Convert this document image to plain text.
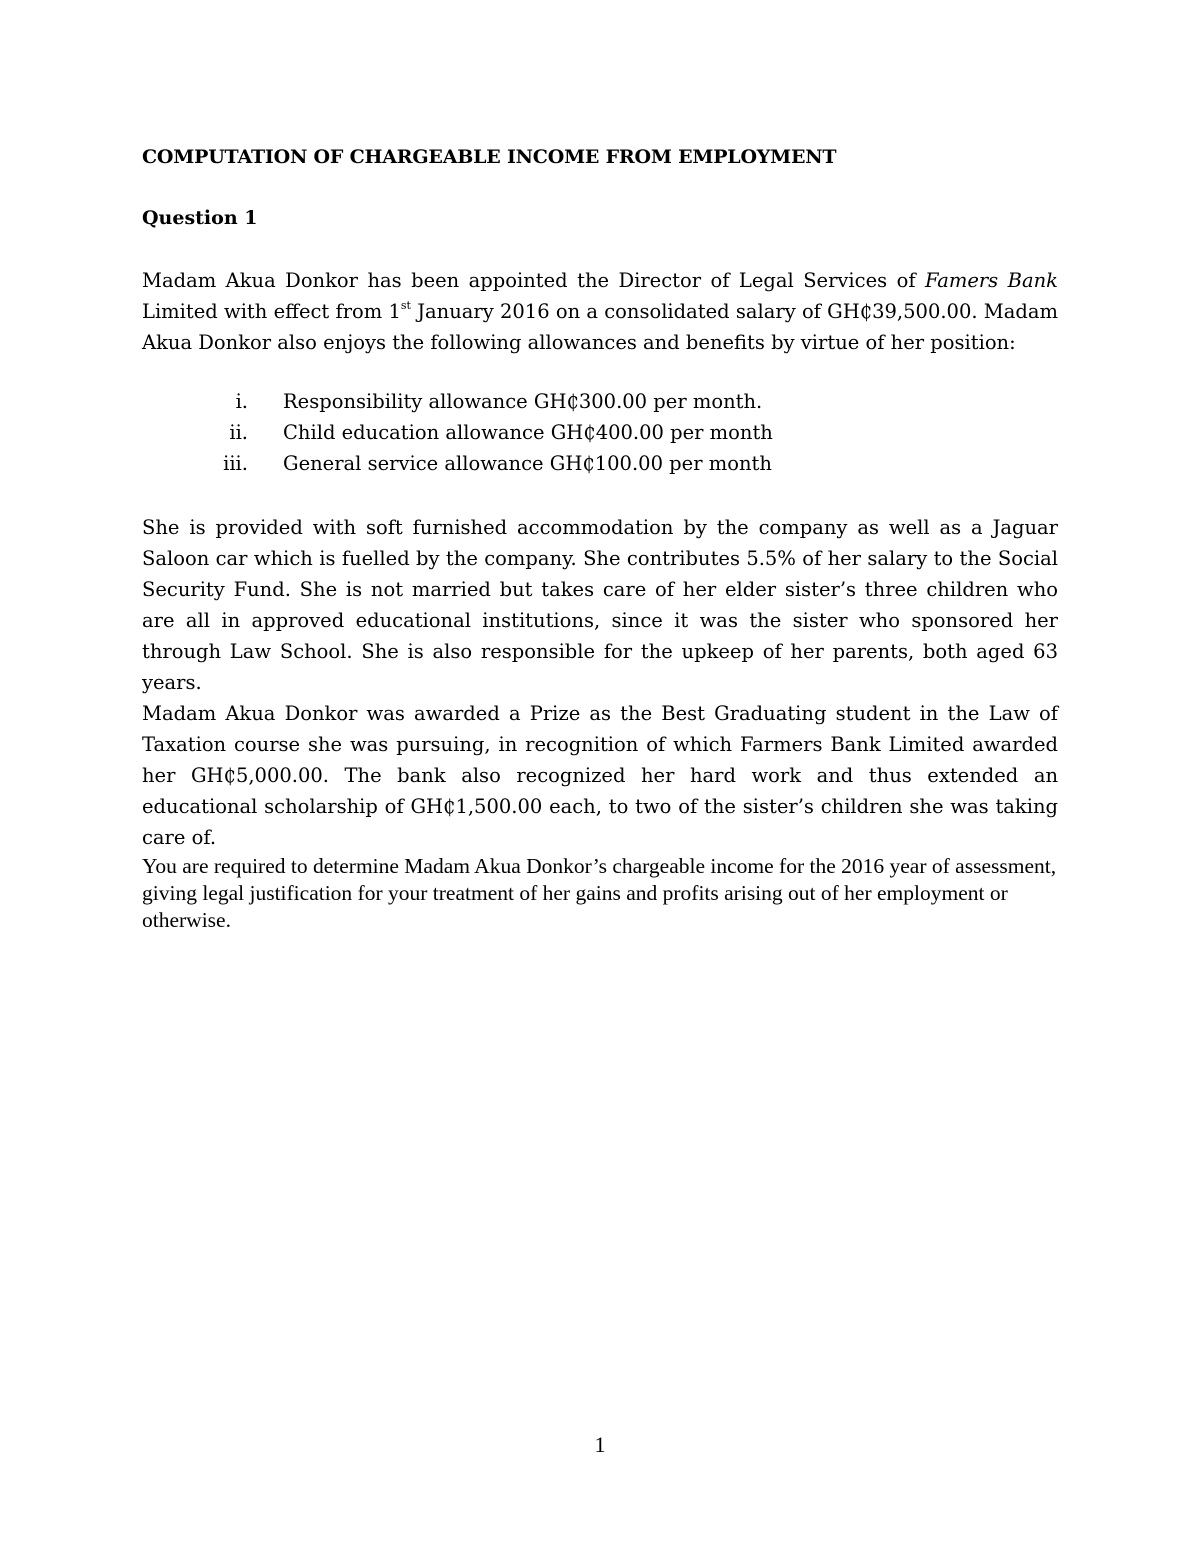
COMPUTATION OF CHARGEABLE INCOME FROM EMPLOYMENT
Question 1

Madam Akua Donkor has been appointed the Director of Legal Services of Famers Bank Limited with effect from 1st January 2016 on a consolidated salary of GH₵39,500.00. Madam Akua Donkor also enjoys the following allowances and benefits by virtue of her position:

i. Responsibility allowance GH₵300.00 per month.
ii. Child education allowance GH₵400.00 per month
iii. General service allowance GH₵100.00 per month

She is provided with soft furnished accommodation by the company as well as a Jaguar Saloon car which is fuelled by the company. She contributes 5.5% of her salary to the Social Security Fund. She is not married but takes care of her elder sister’s three children who are all in approved educational institutions, since it was the sister who sponsored her through Law School. She is also responsible for the upkeep of her parents, both aged 63 years.

Madam Akua Donkor was awarded a Prize as the Best Graduating student in the Law of Taxation course she was pursuing, in recognition of which Farmers Bank Limited awarded her GH₵5,000.00. The bank also recognized her hard work and thus extended an educational scholarship of GH₵1,500.00 each, to two of the sister’s children she was taking care of.

You are required to determine Madam Akua Donkor’s chargeable income for the 2016 year of assessment, giving legal justification for your treatment of her gains and profits arising out of her employment or otherwise.

1
